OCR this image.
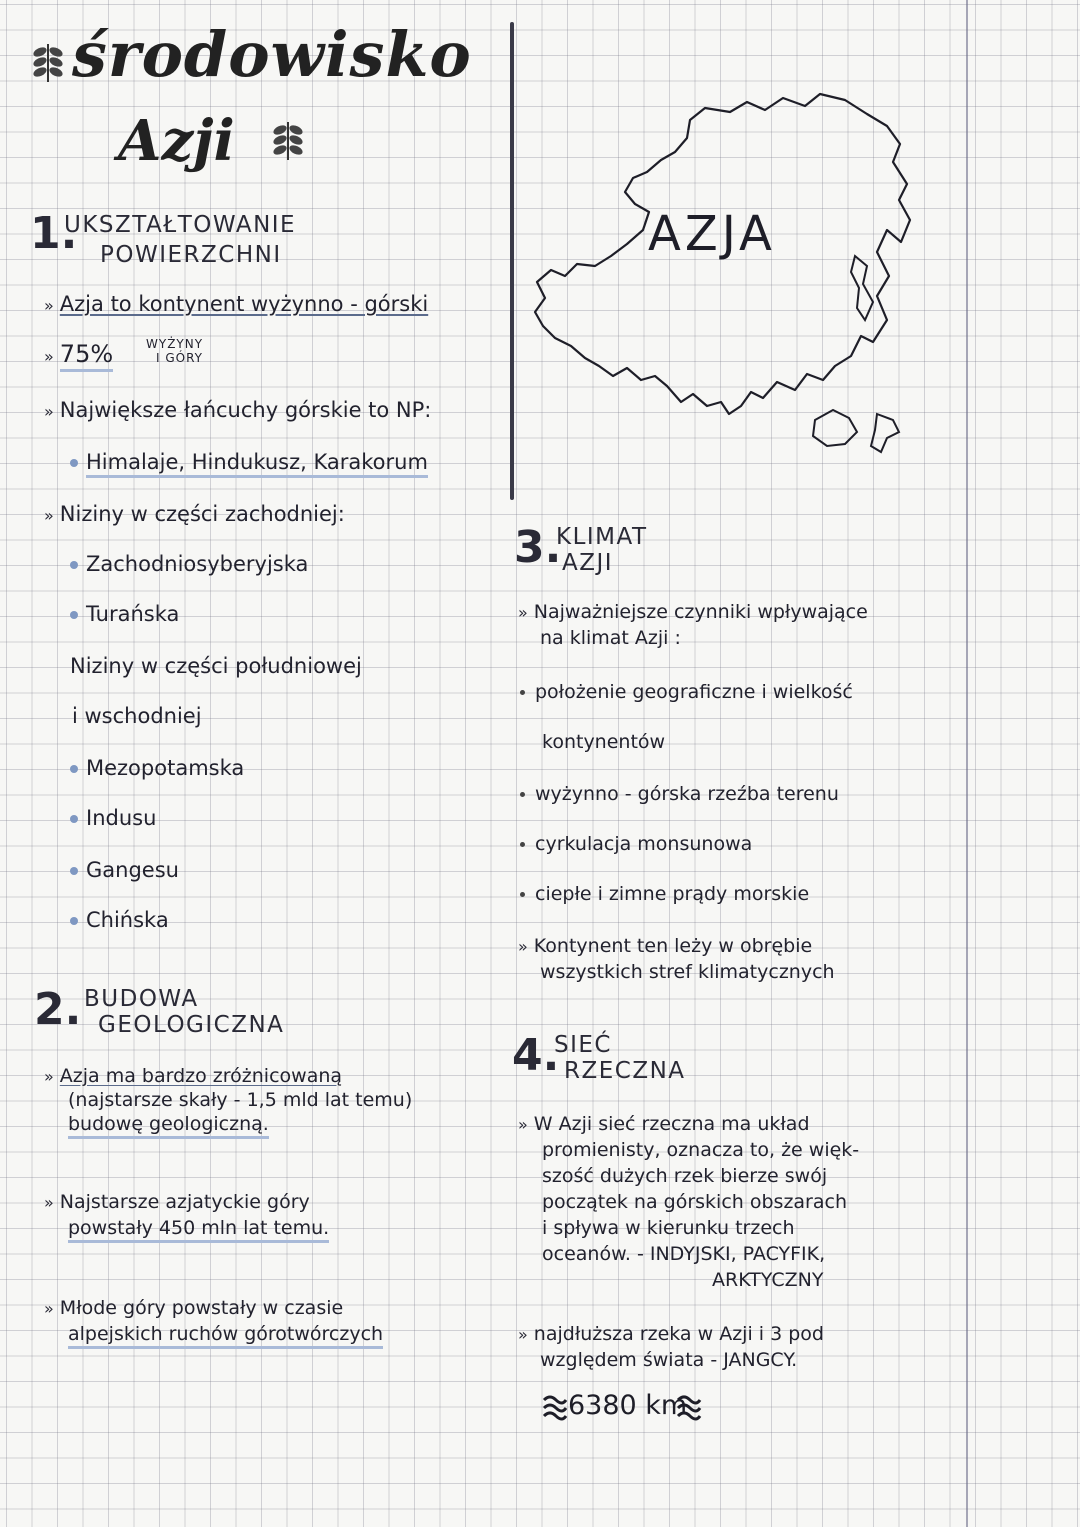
środowisko
Azji
1.
UKSZTAŁTOWANIE
POWIERZCHNI
» Azja to kontynent wyżynno - górski
» 75%	WYŻYNY
I GÓRY
» Największe łańcuchy górskie to NP:
Himalaje, Hindukusz, Karakorum
» Niziny w części zachodniej:
Zachodniosyberyjska
Turańska
Niziny w części południowej
i wschodniej
Mezopotamska
Indusu
Gangesu
Chińska
2. BUDOWA
GEOLOGICZNA
» Azja ma bardzo zróżnicowaną
(najstarsze skały - 1,5 mld lat temu)
budowę geologiczną.
» Najstarsze azjatyckie góry
powstały 450 mln lat temu.
» Młode góry powstały w czasie
alpejskich ruchów górotwórczych
AZJA
3.
KLIMAT
AZJI
» Najważniejsze czynniki wpływające
na klimat Azji :
położenie geograficzne i wielkość
kontynentów
wyżynno - górska rzeźba terenu
cyrkulacja monsunowa
ciepłe i zimne prądy morskie
» Kontynent ten leży w obrębie
wszystkich stref klimatycznych
4.
SIEĆ
RZECZNA
» W Azji sieć rzeczna ma układ
promienisty, oznacza to, że więk-
szość dużych rzek bierze swój
początek na górskich obszarach
i spływa w kierunku trzech
oceanów. - INDYJSKI, PACYFIK,
ARKTYCZNY
» najdłuższa rzeka w Azji i 3 pod
względem świata - JANGCY.
6380 km
